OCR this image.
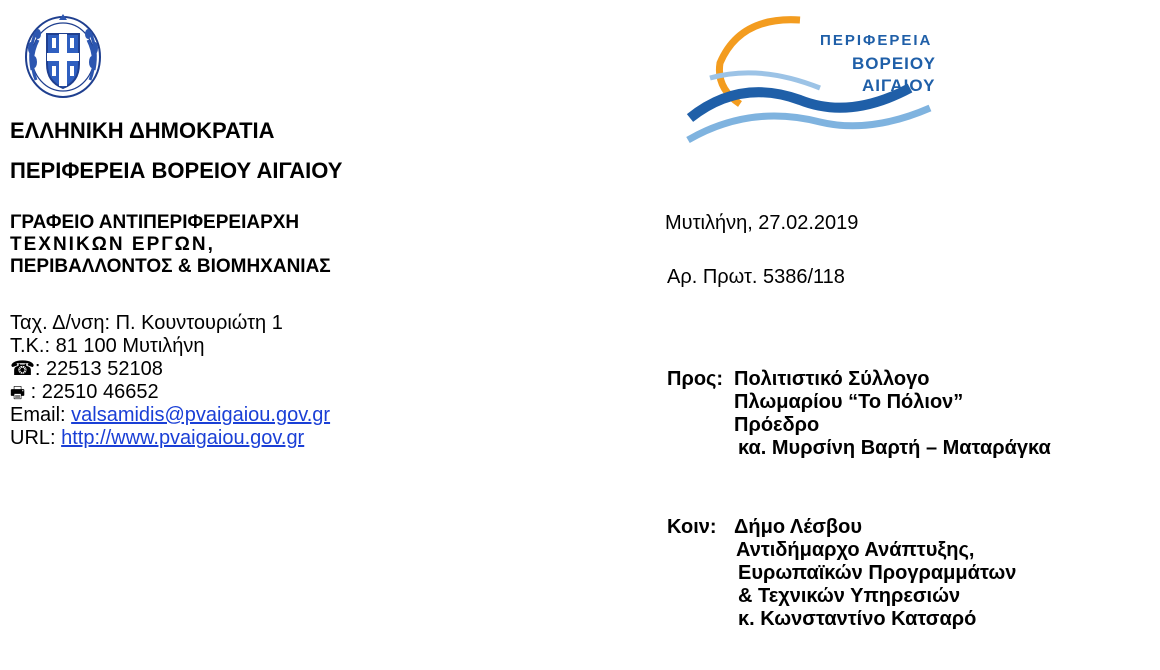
ΕΛΛΗΝΙΚΗ ΔΗΜΟΚΡΑΤΙΑ
ΠΕΡΙΦΕΡΕΙΑ ΒΟΡΕΙΟΥ ΑΙΓΑΙΟΥ
ΠΕΡΙΦΕΡΕΙΑ
ΒΟΡΕΙΟΥ
ΑΙΓΑΙΟΥ
ΓΡΑΦΕΙΟ ΑΝΤΙΠΕΡΙΦΕΡΕΙΑΡΧΗ
ΤΕΧΝΙΚΩΝ ΕΡΓΩΝ,
ΠΕΡΙΒΑΛΛΟΝΤΟΣ & ΒΙΟΜΗΧΑΝΙΑΣ
Ταχ. Δ/νση: Π. Κουντουριώτη 1
Τ.Κ.: 81 100 Μυτιλήνη
☎: 22513 52108
🖶 : 22510 46652
Email: valsamidis@pvaigaiou.gov.gr
URL: http://www.pvaigaiou.gov.gr
Μυτιλήνη, 27.02.2019
Αρ. Πρωτ. 5386/118
Προς: Πολιτιστικό Σύλλογο
Πλωμαρίου “Το Πόλιον”
Πρόεδρο
κα. Μυρσίνη Βαρτή – Ματαράγκα
Κοιν: Δήμο Λέσβου
Αντιδήμαρχο Ανάπτυξης,
Ευρωπαϊκών Προγραμμάτων
& Τεχνικών Υπηρεσιών
κ. Κωνσταντίνο Κατσαρό
